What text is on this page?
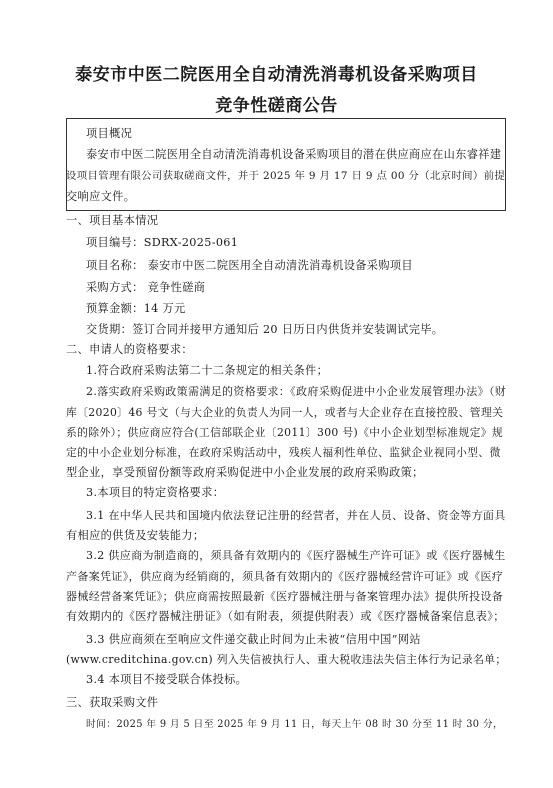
泰安市中医二院医用全自动清洗消毒机设备采购项目
竞争性磋商公告
项目概况
泰安市中医二院医用全自动清洗消毒机设备采购项目的潜在供应商应在山东睿祥建
设项目管理有限公司获取磋商文件，并于 2025 年 9 月 17 日 9 点 00 分（北京时间）前提
交响应文件。
一、项目基本情况
项目编号：SDRX-2025-061
项目名称： 泰安市中医二院医用全自动清洗消毒机设备采购项目
采购方式： 竞争性磋商
预算金额：14 万元
交货期：签订合同并接甲方通知后 20 日历日内供货并安装调试完毕。
二、申请人的资格要求：
1.符合政府采购法第二十二条规定的相关条件；
2.落实政府采购政策需满足的资格要求：《政府采购促进中小企业发展管理办法》（财
库〔2020〕46 号文（与大企业的负责人为同一人，或者与大企业存在直接控股、管理关
系的除外）；供应商应符合(工信部联企业〔2011〕300 号)《中小企业划型标准规定》规
定的中小企业划分标准，在政府采购活动中，残疾人福利性单位、监狱企业视同小型、微
型企业，享受预留份额等政府采购促进中小企业发展的政府采购政策；
3.本项目的特定资格要求：
3.1 在中华人民共和国境内依法登记注册的经营者，并在人员、设备、资金等方面具
有相应的供货及安装能力；
3.2 供应商为制造商的，须具备有效期内的《医疗器械生产许可证》或《医疗器械生
产备案凭证》，供应商为经销商的，须具备有效期内的《医疗器械经营许可证》或《医疗
器械经营备案凭证》；供应商需按照最新《医疗器械注册与备案管理办法》提供所投设备
有效期内的《医疗器械注册证》（如有附表，须提供附表）或《医疗器械备案信息表》；
3.3 供应商须在至响应文件递交截止时间为止未被“信用中国”网站
(www.creditchina.gov.cn) 列入失信被执行人、重大税收违法失信主体行为记录名单；
3.4 本项目不接受联合体投标。
三、获取采购文件
时间：2025 年 9 月 5 日至 2025 年 9 月 11 日，每天上午 08 时 30 分至 11 时 30 分，
